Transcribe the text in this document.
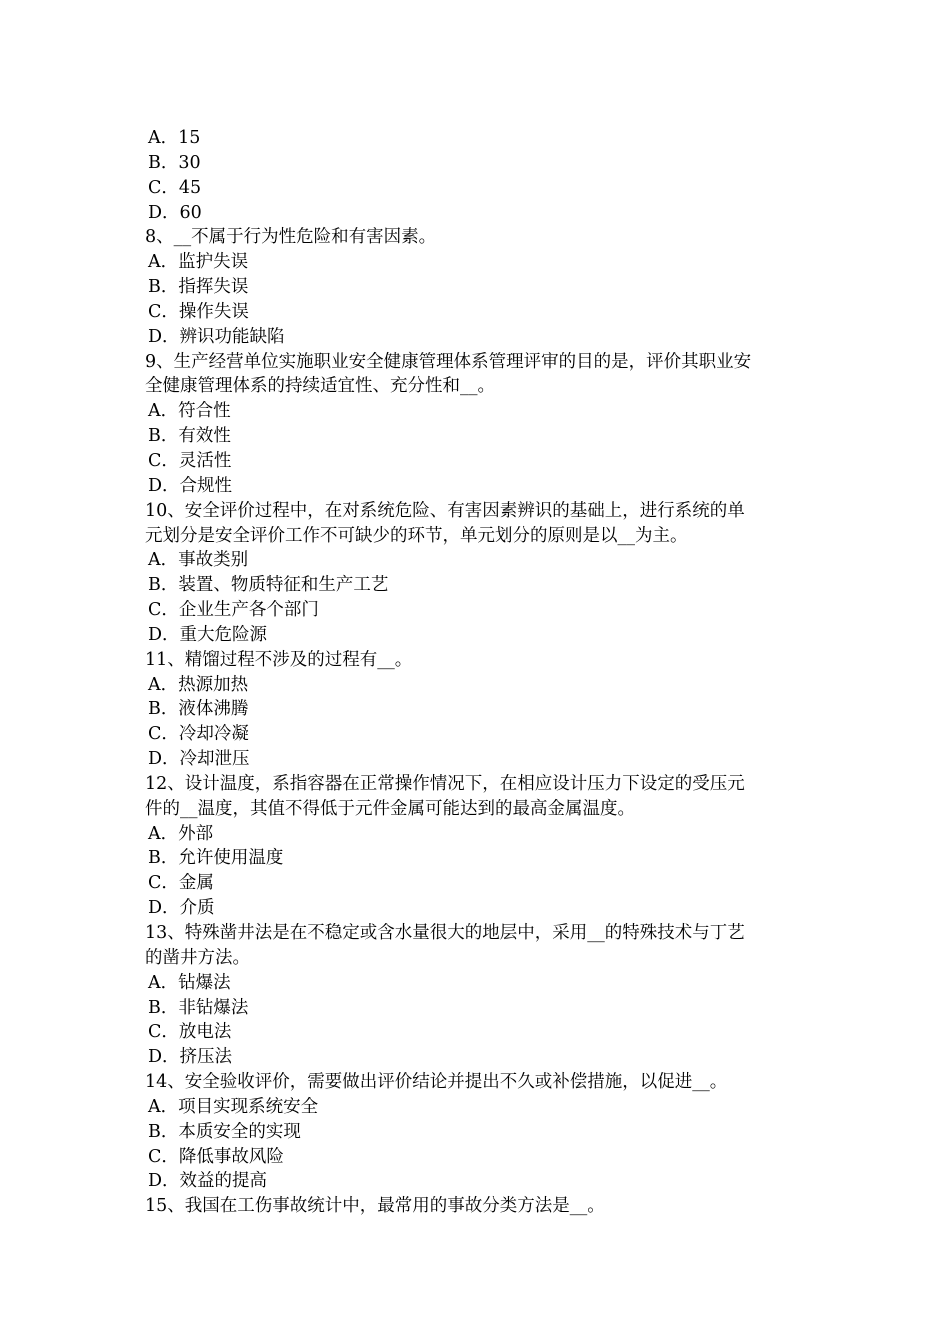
A．15
B．30
C．45
D．60
8、__不属于行为性危险和有害因素。
A．监护失误
B．指挥失误
C．操作失误
D．辨识功能缺陷
9、生产经营单位实施职业安全健康管理体系管理评审的目的是，评价其职业安
全健康管理体系的持续适宜性、充分性和__。
A．符合性
B．有效性
C．灵活性
D．合规性
10、安全评价过程中，在对系统危险、有害因素辨识的基础上，进行系统的单
元划分是安全评价工作不可缺少的环节，单元划分的原则是以__为主。
A．事故类别
B．装置、物质特征和生产工艺
C．企业生产各个部门
D．重大危险源
11、精馏过程不涉及的过程有__。
A．热源加热
B．液体沸腾
C．冷却冷凝
D．冷却泄压
12、设计温度，系指容器在正常操作情况下，在相应设计压力下设定的受压元
件的__温度，其值不得低于元件金属可能达到的最高金属温度。
A．外部
B．允许使用温度
C．金属
D．介质
13、特殊凿井法是在不稳定或含水量很大的地层中，采用__的特殊技术与丁艺
的凿井方法。
A．钻爆法
B．非钻爆法
C．放电法
D．挤压法
14、安全验收评价，需要做出评价结论并提出不久或补偿措施，以促进__。
A．项目实现系统安全
B．本质安全的实现
C．降低事故风险
D．效益的提高
15、我国在工伤事故统计中，最常用的事故分类方法是__。
